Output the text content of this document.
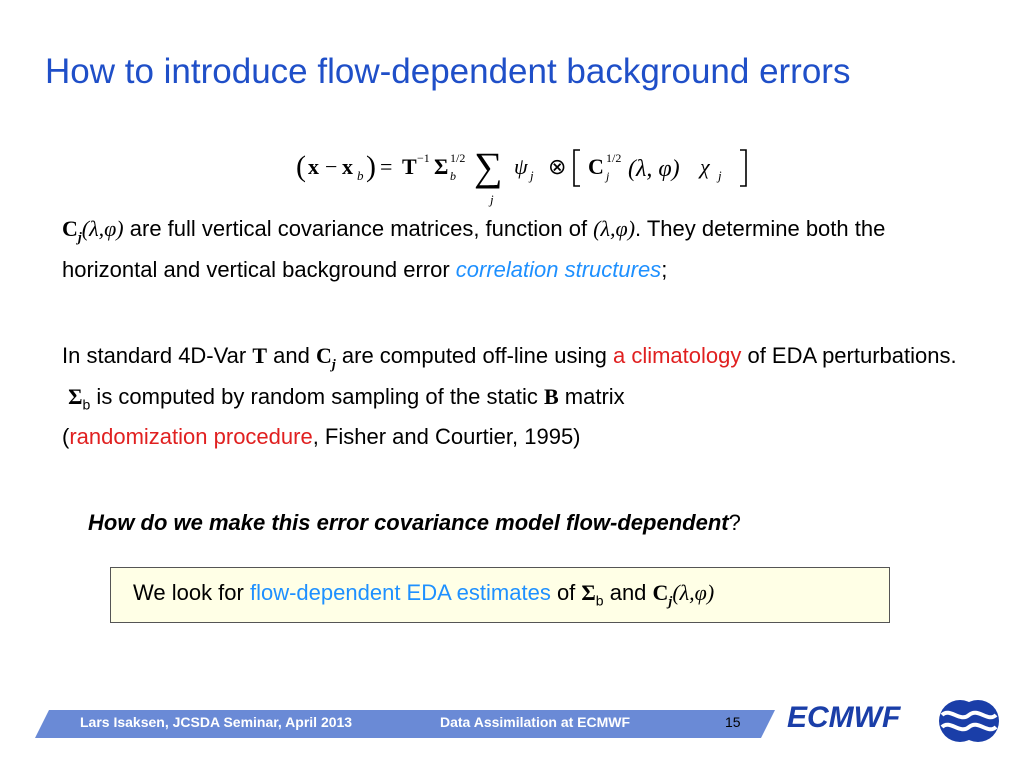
How to introduce flow-dependent background errors
( x − x b ) = T −1 Σ 1/2
b ∑
j
ψ j ⊗ C 1/2
j (λ, φ) χ j
$C_j(\lambda,\varphi)$ are full vertical covariance matrices, function of (λ,φ). They determine both the horizontal and vertical background error correlation structures;
In standard 4D-Var T and $C_j$ are computed off-line using a climatology of EDA perturbations.
$\Sigma_b$ is computed by random sampling of the static B matrix
(randomization procedure, Fisher and Courtier, 1995)
How do we make this error covariance model flow-dependent?
We look for flow-dependent EDA estimates of $\Sigma_b$ and $C_j(\lambda,\varphi)$
Lars Isaksen, JCSDA Seminar, April 2013	Data Assimilation at ECMWF	15 ECMWF
